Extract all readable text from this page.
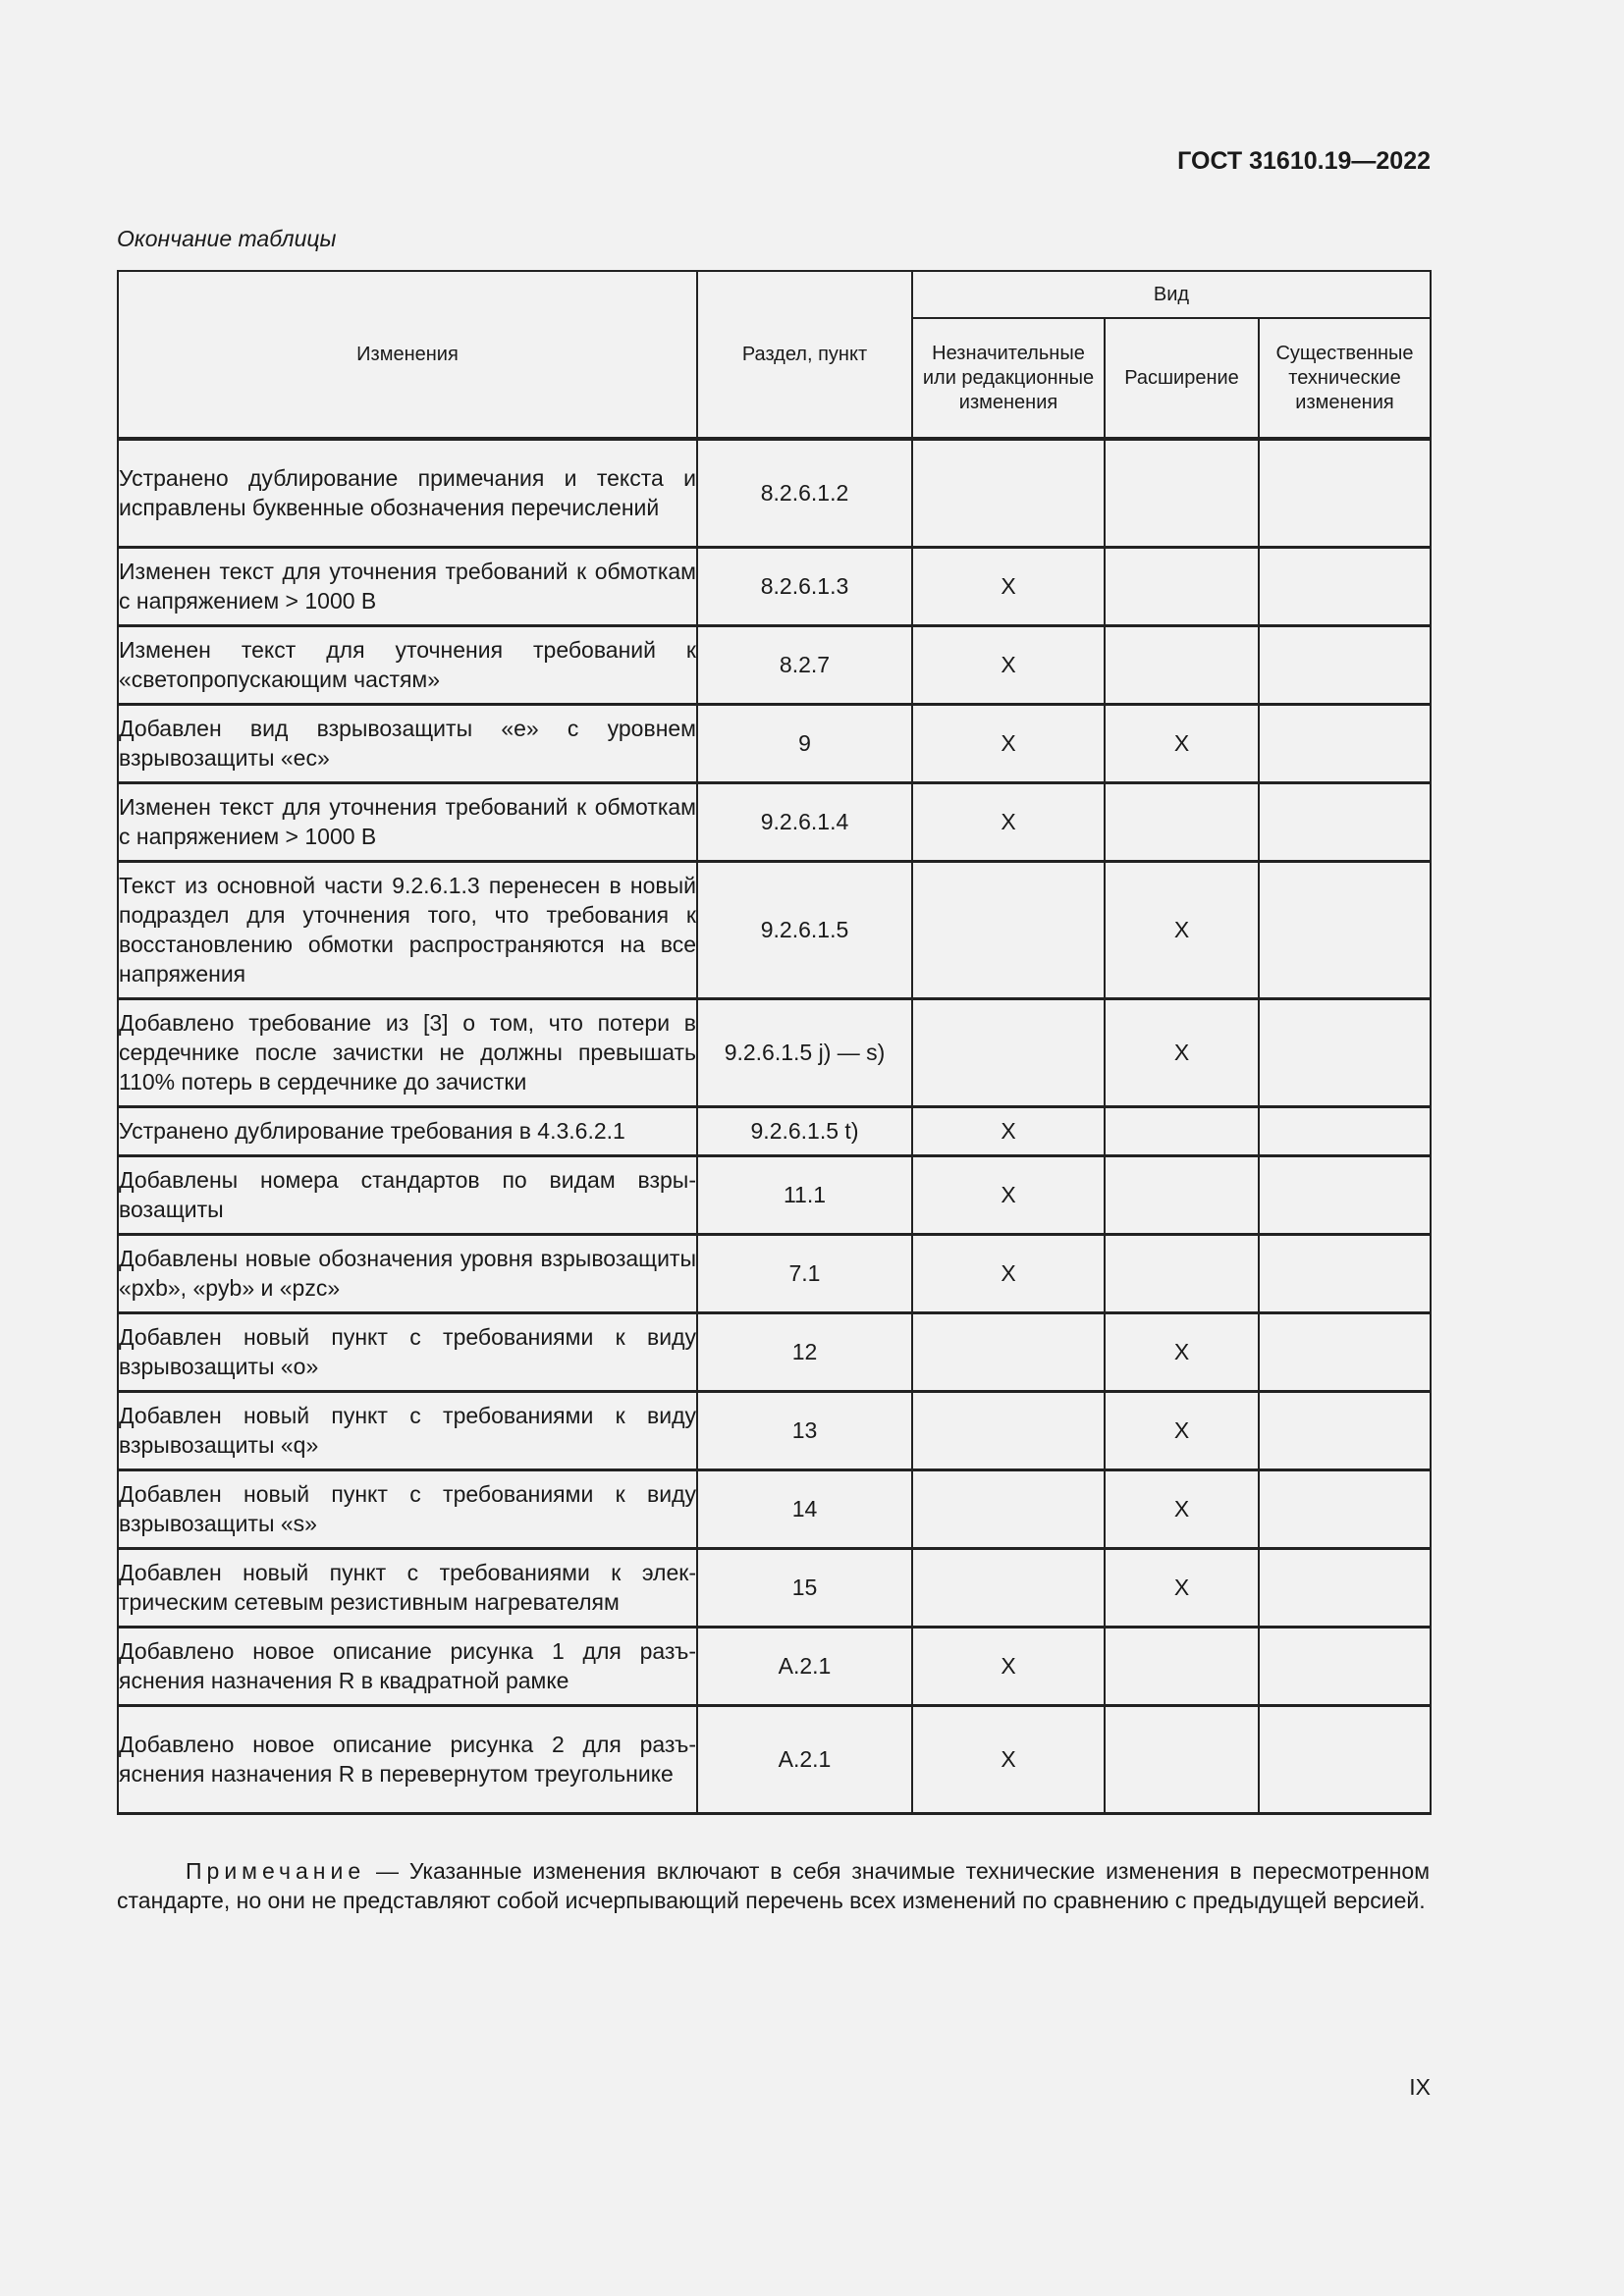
ГОСТ 31610.19—2022
Окончание таблицы
Изменения	Раздел, пункт	Вид		
		Незначительные или редакционные изменения	Расширение	Существенные технические изменения
Устранено дублирование примечания и текста и исправлены буквенные обозначения перечислений	8.2.6.1.2			
Изменен текст для уточнения требований к обмоткам с напряжением > 1000 В	8.2.6.1.3	X		
Изменен текст для уточнения требований к «светопропускающим частям»	8.2.7	X		
Добавлен вид взрывозащиты «е» с уровнем взрывозащиты «ес»	9	X	X	
Изменен текст для уточнения требований к обмоткам с напряжением > 1000 В	9.2.6.1.4	X		
Текст из основной части 9.2.6.1.3 перенесен в новый подраздел для уточнения того, что требования к восстановлению обмотки распространяются на все напряжения	9.2.6.1.5		X	
Добавлено требование из [3] о том, что потери в сердечнике после зачистки не должны превышать 110% потерь в сердечнике до зачистки	9.2.6.1.5 j) — s)		X	
Устранено дублирование требования в 4.3.6.2.1	9.2.6.1.5 t)	X		
Добавлены номера стандартов по видам взрывозащиты	11.1	X		
Добавлены новые обозначения уровня взрывозащиты «pxb», «pyb» и «pzc»	7.1	X		
Добавлен новый пункт с требованиями к виду взрывозащиты «о»	12		X	
Добавлен новый пункт с требованиями к виду взрывозащиты «q»	13		X	
Добавлен новый пункт с требованиями к виду взрывозащиты «s»	14		X	
Добавлен новый пункт с требованиями к электрическим сетевым резистивным нагревателям	15		X	
Добавлено новое описание рисунка 1 для разъяснения назначения R в квадратной рамке	А.2.1	X		
Добавлено новое описание рисунка 2 для разъяснения назначения R в перевернутом треугольнике	А.2.1	X		
Примечание — Указанные изменения включают в себя значимые технические изменения в пересмотренном стандарте, но они не представляют собой исчерпывающий перечень всех изменений по сравнению с предыдущей версией.
IX
